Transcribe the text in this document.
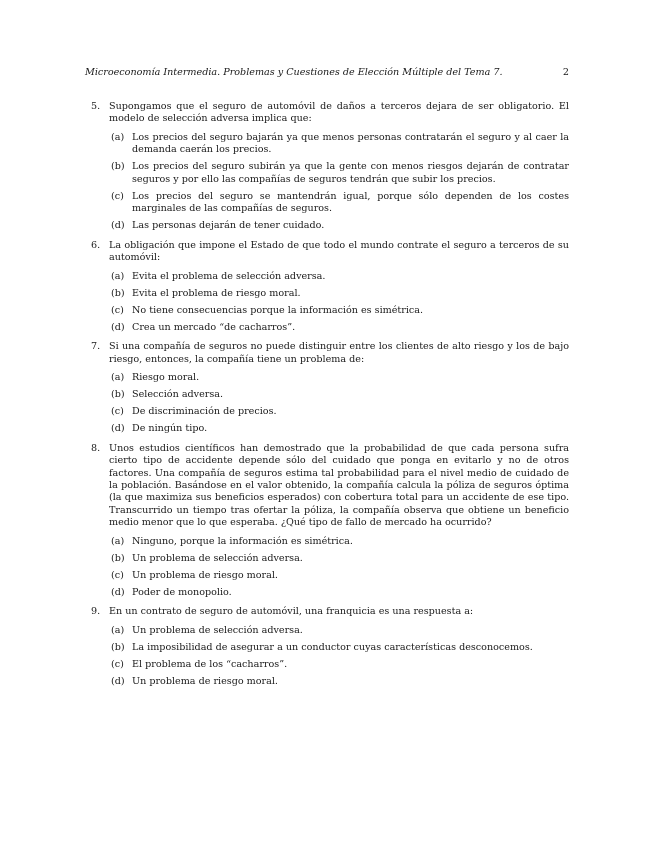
Microeconomía Intermedia. Problemas y Cuestiones de Elección Múltiple del Tema 7.	2
5. Supongamos que el seguro de automóvil de daños a terceros dejara de ser obligatorio. El modelo de selección adversa implica que:
(a) Los precios del seguro bajarán ya que menos personas contratarán el seguro y al caer la demanda caerán los precios.
(b) Los precios del seguro subirán ya que la gente con menos riesgos dejarán de contratar seguros y por ello las compañías de seguros tendrán que subir los precios.
(c) Los precios del seguro se mantendrán igual, porque sólo dependen de los costes marginales de las compañías de seguros.
(d) Las personas dejarán de tener cuidado.
6. La obligación que impone el Estado de que todo el mundo contrate el seguro a terceros de su automóvil:
(a) Evita el problema de selección adversa.
(b) Evita el problema de riesgo moral.
(c) No tiene consecuencias porque la información es simétrica.
(d) Crea un mercado “de cacharros”.
7. Si una compañía de seguros no puede distinguir entre los clientes de alto riesgo y los de bajo riesgo, entonces, la compañía tiene un problema de:
(a) Riesgo moral.
(b) Selección adversa.
(c) De discriminación de precios.
(d) De ningún tipo.
8. Unos estudios científicos han demostrado que la probabilidad de que cada persona sufra cierto tipo de accidente depende sólo del cuidado que ponga en evitarlo y no de otros factores. Una compañía de seguros estima tal probabilidad para el nivel medio de cuidado de la población. Basándose en el valor obtenido, la compañía calcula la póliza de seguros óptima (la que maximiza sus beneficios esperados) con cobertura total para un accidente de ese tipo. Transcurrido un tiempo tras ofertar la póliza, la compañía observa que obtiene un beneficio medio menor que lo que esperaba. ¿Qué tipo de fallo de mercado ha ocurrido?
(a) Ninguno, porque la información es simétrica.
(b) Un problema de selección adversa.
(c) Un problema de riesgo moral.
(d) Poder de monopolio.
9. En un contrato de seguro de automóvil, una franquicia es una respuesta a:
(a) Un problema de selección adversa.
(b) La imposibilidad de asegurar a un conductor cuyas características desconocemos.
(c) El problema de los “cacharros”.
(d) Un problema de riesgo moral.
